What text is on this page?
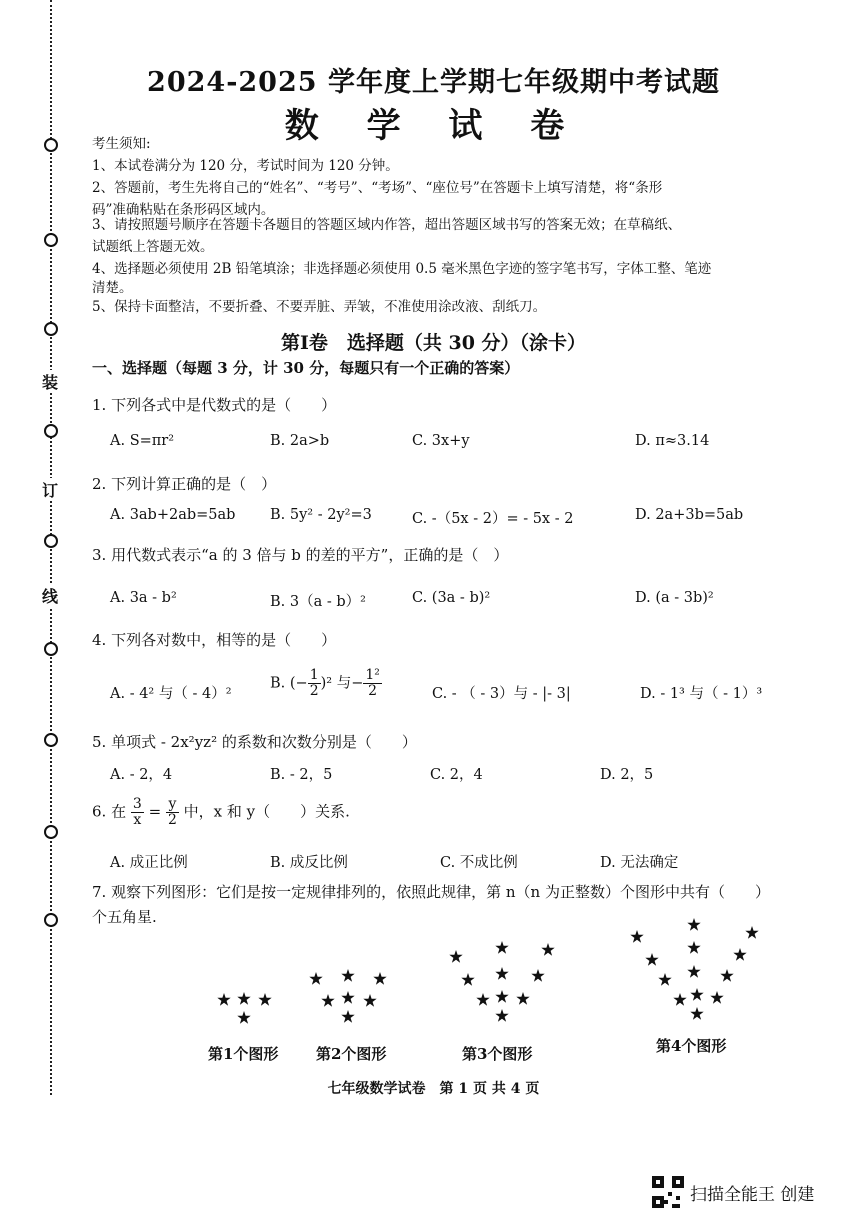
装
订
线
2024-2025 学年度上学期七年级期中考试题
数 学 试 卷
考生须知:
1、本试卷满分为 120 分，考试时间为 120 分钟。
2、答题前，考生先将自己的“姓名”、“考号”、“考场”、“座位号”在答题卡上填写清楚，将“条形
码”准确粘贴在条形码区域内。
3、请按照题号顺序在答题卡各题目的答题区域内作答，超出答题区域书写的答案无效；在草稿纸、
试题纸上答题无效。
4、选择题必须使用 2B 铅笔填涂；非选择题必须使用 0.5 毫米黑色字迹的签字笔书写，字体工整、笔迹
清楚。
5、保持卡面整洁，不要折叠、不要弄脏、弄皱，不准使用涂改液、刮纸刀。
第Ⅰ卷　选择题（共 30 分）（涂卡）
一、选择题（每题 3 分，计 30 分，每题只有一个正确的答案）
1. 下列各式中是代数式的是（　　）
A. S=πr²	B. 2a>b	C. 3x+y	D. π≈3.14
2. 下列计算正确的是（　）
A. 3ab+2ab=5ab B. 5y² - 2y²=3	C. -（5x - 2）= - 5x - 2	D. 2a+3b=5ab
3. 用代数式表示“a 的 3 倍与 b 的差的平方”，正确的是（　）
A. 3a - b²	B. 3（a - b）²	C. (3a - b)²	D. (a - 3b)²
4. 下列各对数中，相等的是（　　）
A. - 4² 与（ - 4）²
B. (− $\frac{1}{2} )^2$ 与− $\frac{\text{1²}}{2}$	C. - （ - 3）与 - |- 3|	D. - 1³ 与（ - 1）³
5. 单项式 - 2x²yz² 的系数和次数分别是（　　）
A. - 2，4	B. - 2，5	C. 2，4	D. 2，5
6. 在 $\frac{3}{x} = \frac{y}{2}$ 中，x 和 y（　　）关系.
A. 成正比例	B. 成反比例	C. 不成比例	D. 无法确定
7. 观察下列图形：它们是按一定规律排列的，依照此规律，第 n（n 为正整数）个图形中共有（　　）
个五角星.
第1个图形	第2个图形	第3个图形	第4个图形
七年级数学试卷　第 1 页 共 4 页
扫描全能王 创建
